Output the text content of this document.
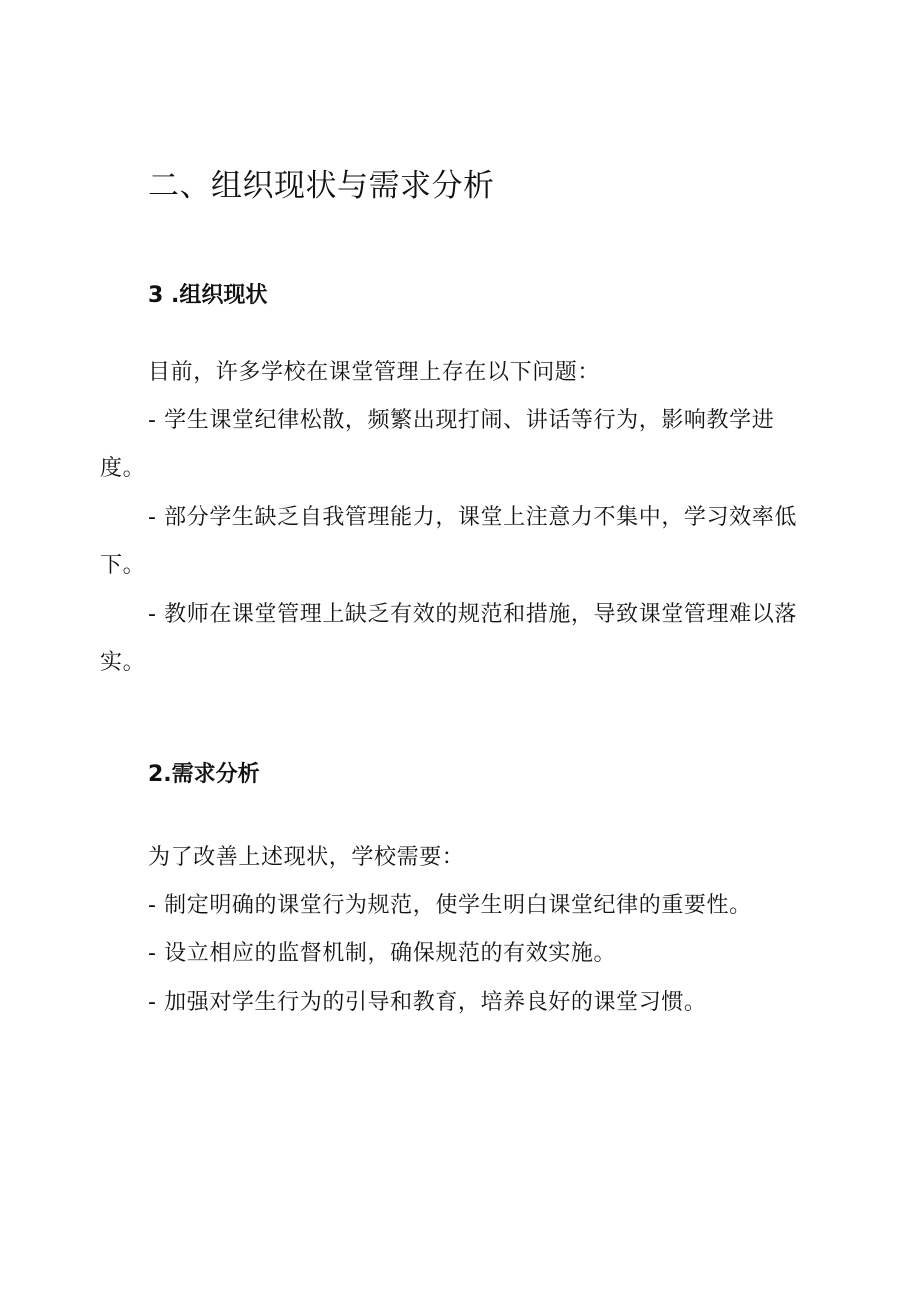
二、组织现状与需求分析
3 .组织现状

目前，许多学校在课堂管理上存在以下问题：

- 学生课堂纪律松散，频繁出现打闹、讲话等行为，影响教学进度。

- 部分学生缺乏自我管理能力，课堂上注意力不集中，学习效率低下。

- 教师在课堂管理上缺乏有效的规范和措施，导致课堂管理难以落实。

2.需求分析

为了改善上述现状，学校需要：

- 制定明确的课堂行为规范，使学生明白课堂纪律的重要性。

- 设立相应的监督机制，确保规范的有效实施。

- 加强对学生行为的引导和教育，培养良好的课堂习惯。
